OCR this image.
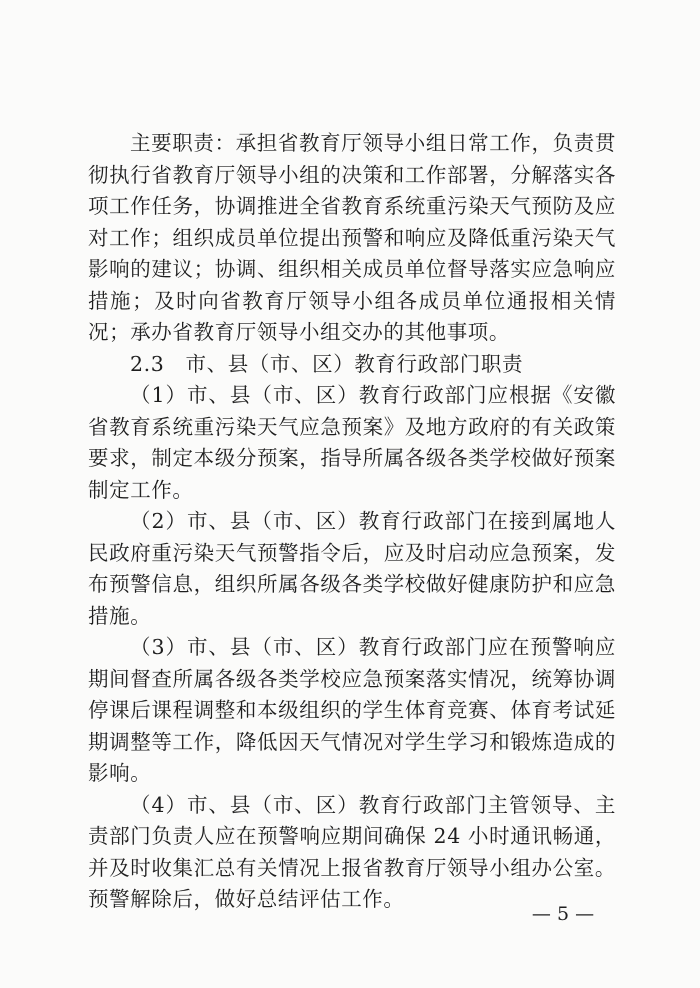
主要职责：承担省教育厅领导小组日常工作，负责贯彻执行省教育厅领导小组的决策和工作部署，分解落实各项工作任务，协调推进全省教育系统重污染天气预防及应对工作；组织成员单位提出预警和响应及降低重污染天气影响的建议；协调、组织相关成员单位督导落实应急响应措施；及时向省教育厅领导小组各成员单位通报相关情况；承办省教育厅领导小组交办的其他事项。

2.3　市、县（市、区）教育行政部门职责

（1）市、县（市、区）教育行政部门应根据《安徽省教育系统重污染天气应急预案》及地方政府的有关政策要求，制定本级分预案，指导所属各级各类学校做好预案制定工作。

（2）市、县（市、区）教育行政部门在接到属地人民政府重污染天气预警指令后，应及时启动应急预案，发布预警信息，组织所属各级各类学校做好健康防护和应急措施。

（3）市、县（市、区）教育行政部门应在预警响应期间督查所属各级各类学校应急预案落实情况，统筹协调停课后课程调整和本级组织的学生体育竞赛、体育考试延期调整等工作，降低因天气情况对学生学习和锻炼造成的影响。

（4）市、县（市、区）教育行政部门主管领导、主责部门负责人应在预警响应期间确保 24 小时通讯畅通，并及时收集汇总有关情况上报省教育厅领导小组办公室。预警解除后，做好总结评估工作。

— 5 —
